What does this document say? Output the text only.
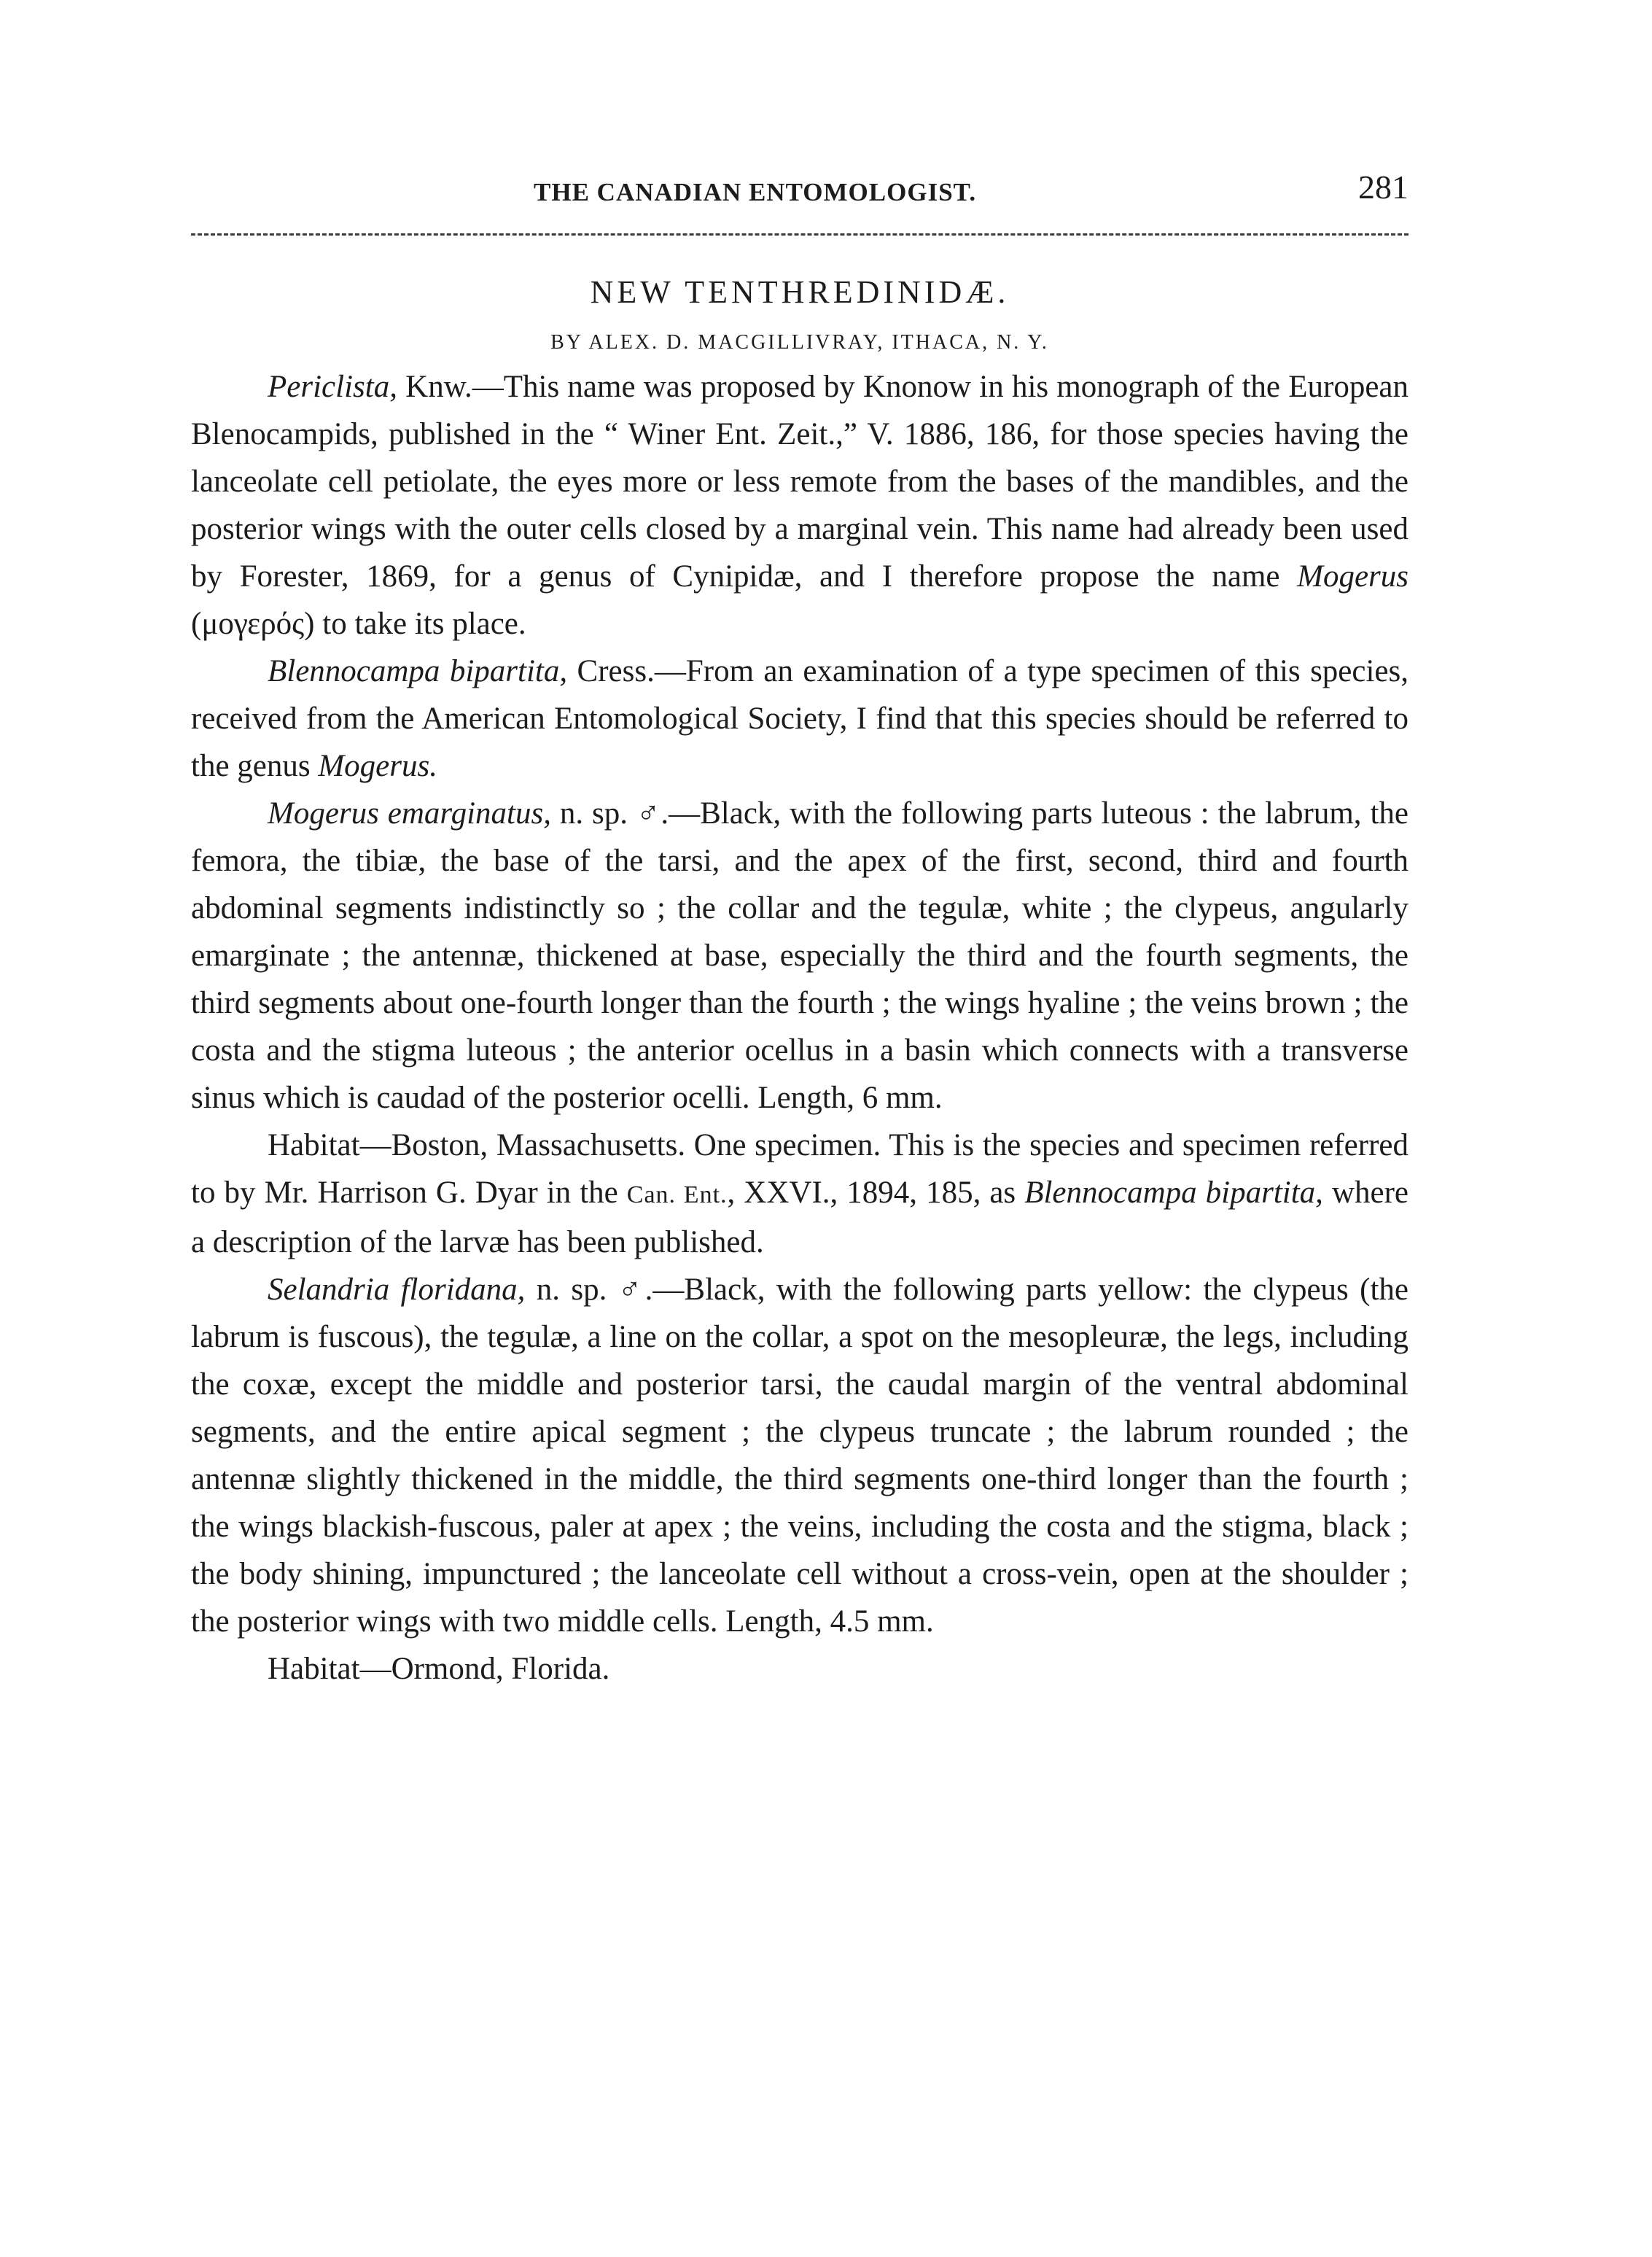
THE CANADIAN ENTOMOLOGIST.	281
NEW TENTHREDINIDÆ.
BY ALEX. D. MACGILLIVRAY, ITHACA, N. Y.

Periclista, Knw.—This name was proposed by Knonow in his monograph of the European Blenocampids, published in the “ Winer Ent. Zeit.,” V. 1886, 186, for those species having the lanceolate cell petiolate, the eyes more or less remote from the bases of the mandibles, and the posterior wings with the outer cells closed by a marginal vein. This name had already been used by Forester, 1869, for a genus of Cynipidæ, and I therefore propose the name Mogerus (μογερός) to take its place.

Blennocampa bipartita, Cress.—From an examination of a type specimen of this species, received from the American Entomological Society, I find that this species should be referred to the genus Mogerus.

Mogerus emarginatus, n. sp. ♂.—Black, with the following parts luteous : the labrum, the femora, the tibiæ, the base of the tarsi, and the apex of the first, second, third and fourth abdominal segments indistinctly so ; the collar and the tegulæ, white ; the clypeus, angularly emarginate ; the antennæ, thickened at base, especially the third and the fourth segments, the third segments about one-fourth longer than the fourth ; the wings hyaline ; the veins brown ; the costa and the stigma luteous ; the anterior ocellus in a basin which connects with a transverse sinus which is caudad of the posterior ocelli. Length, 6 mm.

Habitat—Boston, Massachusetts. One specimen. This is the species and specimen referred to by Mr. Harrison G. Dyar in the Can. Ent., XXVI., 1894, 185, as Blennocampa bipartita, where a description of the larvæ has been published.

Selandria floridana, n. sp. ♂.—Black, with the following parts yellow: the clypeus (the labrum is fuscous), the tegulæ, a line on the collar, a spot on the mesopleuræ, the legs, including the coxæ, except the middle and posterior tarsi, the caudal margin of the ventral abdominal segments, and the entire apical segment ; the clypeus truncate ; the labrum rounded ; the antennæ slightly thickened in the middle, the third segments one-third longer than the fourth ; the wings blackish-fuscous, paler at apex ; the veins, including the costa and the stigma, black ; the body shining, impunctured ; the lanceolate cell without a cross-vein, open at the shoulder ; the posterior wings with two middle cells. Length, 4.5 mm.

Habitat—Ormond, Florida.
